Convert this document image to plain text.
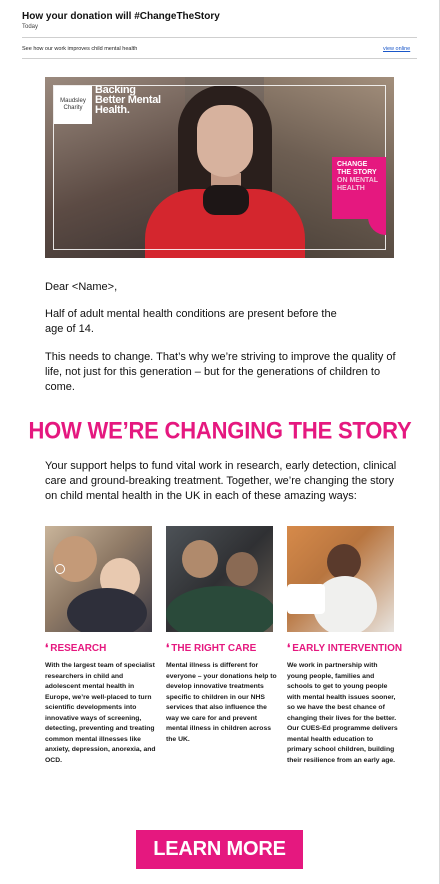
How your donation will #ChangeTheStory
Today
See how our work improves child mental health	view online
Maudsley Charity
Backing Better Mental Health.
CHANGE THE STORY
ON MENTAL HEALTH
Dear <Name>,
Half of adult mental health conditions are present before the age of 14.
This needs to change. That’s why we’re striving to improve the quality of life, not just for this generation – but for the generations of children to come.
HOW WE’RE CHANGING THE STORY
Your support helps to fund vital work in research, early detection, clinical care and ground-breaking treatment. Together, we’re changing the story on child mental health in the UK in each of these amazing ways:
❛ RESEARCH	❛ THE RIGHT CARE	❛ EARLY INTERVENTION
With the largest team of specialist researchers in child and adolescent mental health in Europe, we’re well-placed to turn scientific developments into innovative ways of screening, detecting, preventing and treating common mental illnesses like anxiety, depression, anorexia, and OCD.
Mental illness is different for everyone – your donations help to develop innovative treatments specific to children in our NHS services that also influence the way we care for and prevent mental illness in children across the UK.
We work in partnership with young people, families and schools to get to young people with mental health issues sooner, so we have the best chance of changing their lives for the better. Our CUES-Ed programme delivers mental health education to primary school children, building their resilience from an early age.
LEARN MORE
